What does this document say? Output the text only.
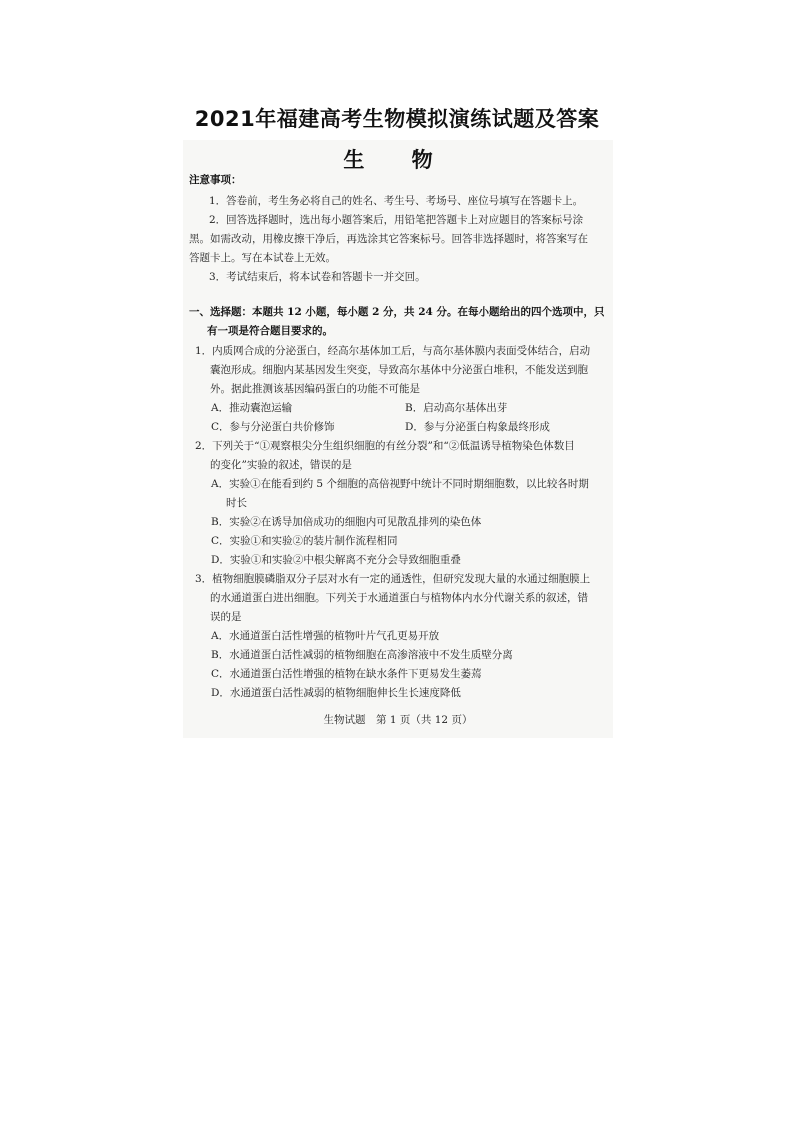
2021年福建高考生物模拟演练试题及答案
生 物
注意事项：
1．答卷前，考生务必将自己的姓名、考生号、考场号、座位号填写在答题卡上。
2．回答选择题时，选出每小题答案后，用铅笔把答题卡上对应题目的答案标号涂
黑。如需改动，用橡皮擦干净后，再选涂其它答案标号。回答非选择题时，将答案写在
答题卡上。写在本试卷上无效。
3．考试结束后，将本试卷和答题卡一并交回。
一、选择题：本题共 12 小题，每小题 2 分，共 24 分。在每小题给出的四个选项中，只
有一项是符合题目要求的。
1．内质网合成的分泌蛋白，经高尔基体加工后，与高尔基体膜内表面受体结合，启动
囊泡形成。细胞内某基因发生突变，导致高尔基体中分泌蛋白堆积，不能发送到胞
外。据此推测该基因编码蛋白的功能不可能是
A．推动囊泡运输	B．启动高尔基体出芽
C．参与分泌蛋白共价修饰	D．参与分泌蛋白构象最终形成
2．下列关于“①观察根尖分生组织细胞的有丝分裂”和“②低温诱导植物染色体数目
的变化”实验的叙述，错误的是
A．实验①在能看到约 5 个细胞的高倍视野中统计不同时期细胞数，以比较各时期
时长
B．实验②在诱导加倍成功的细胞内可见散乱排列的染色体
C．实验①和实验②的装片制作流程相同
D．实验①和实验②中根尖解离不充分会导致细胞重叠
3．植物细胞膜磷脂双分子层对水有一定的通透性，但研究发现大量的水通过细胞膜上
的水通道蛋白进出细胞。下列关于水通道蛋白与植物体内水分代谢关系的叙述，错
误的是
A．水通道蛋白活性增强的植物叶片气孔更易开放
B．水通道蛋白活性减弱的植物细胞在高渗溶液中不发生质壁分离
C．水通道蛋白活性增强的植物在缺水条件下更易发生萎蔫
D．水通道蛋白活性减弱的植物细胞伸长生长速度降低
生物试题　第 1 页（共 12 页）
